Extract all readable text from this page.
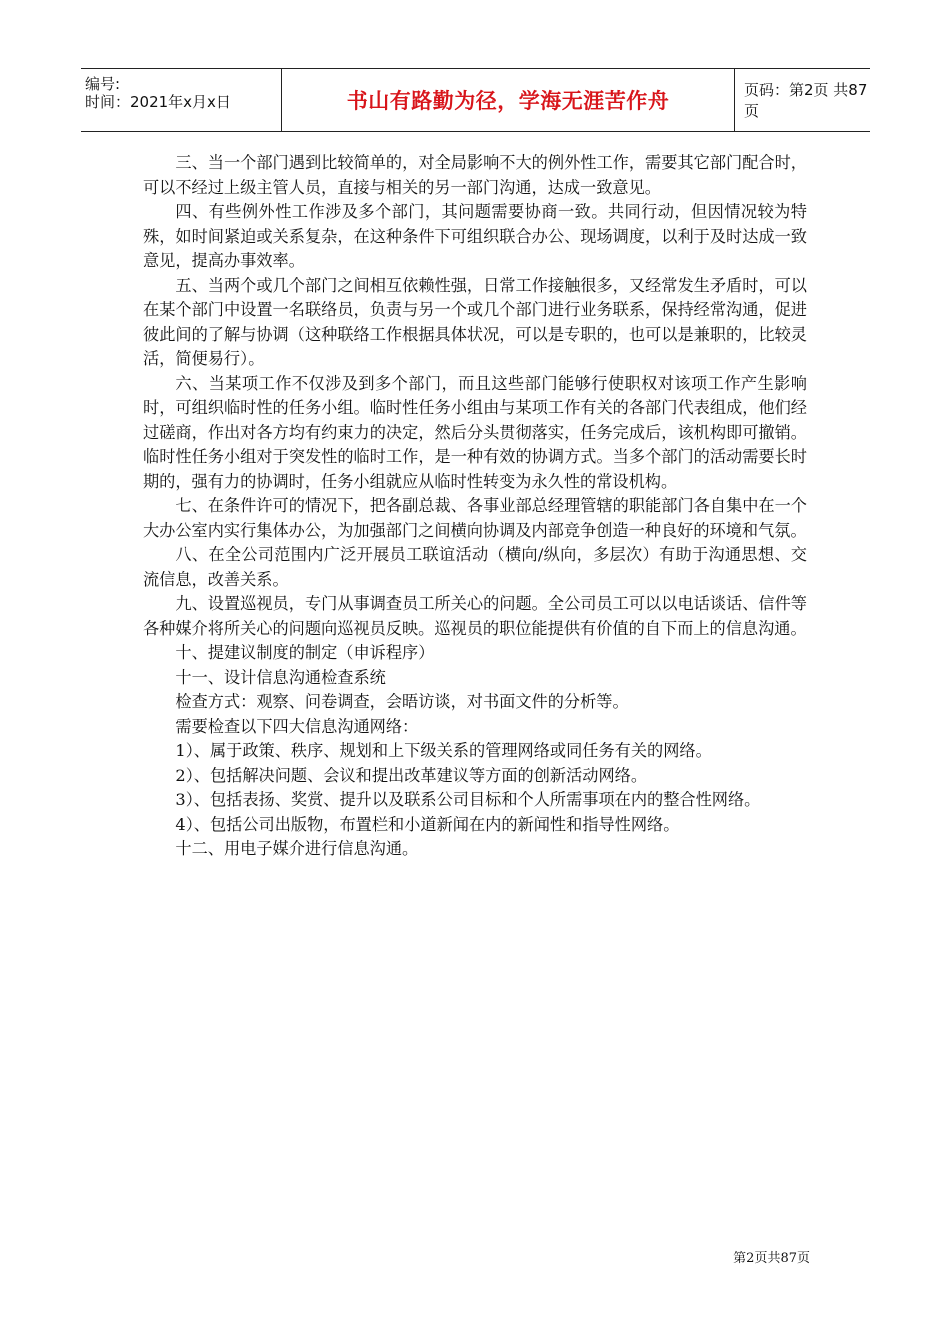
编号:
时间：2021年x月x日	书山有路勤为径，学海无涯苦作舟	页码：第2页 共87页

三、当一个部门遇到比较简单的，对全局影响不大的例外性工作，需要其它部门配合时，可以不经过上级主管人员，直接与相关的另一部门沟通，达成一致意见。

四、有些例外性工作涉及多个部门，其问题需要协商一致。共同行动，但因情况较为特殊，如时间紧迫或关系复杂，在这种条件下可组织联合办公、现场调度，以利于及时达成一致意见，提高办事效率。

五、当两个或几个部门之间相互依赖性强，日常工作接触很多，又经常发生矛盾时，可以在某个部门中设置一名联络员，负责与另一个或几个部门进行业务联系，保持经常沟通，促进彼此间的了解与协调（这种联络工作根据具体状况，可以是专职的，也可以是兼职的，比较灵活，简便易行）。

六、当某项工作不仅涉及到多个部门，而且这些部门能够行使职权对该项工作产生影响时，可组织临时性的任务小组。临时性任务小组由与某项工作有关的各部门代表组成，他们经过磋商，作出对各方均有约束力的决定，然后分头贯彻落实，任务完成后，该机构即可撤销。临时性任务小组对于突发性的临时工作，是一种有效的协调方式。当多个部门的活动需要长时期的，强有力的协调时，任务小组就应从临时性转变为永久性的常设机构。

七、在条件许可的情况下，把各副总裁、各事业部总经理管辖的职能部门各自集中在一个大办公室内实行集体办公，为加强部门之间横向协调及内部竞争创造一种良好的环境和气氛。

八、在全公司范围内广泛开展员工联谊活动（横向/纵向，多层次）有助于沟通思想、交流信息，改善关系。

九、设置巡视员，专门从事调查员工所关心的问题。全公司员工可以以电话谈话、信件等各种媒介将所关心的问题向巡视员反映。巡视员的职位能提供有价值的自下而上的信息沟通。

十、提建议制度的制定（申诉程序）

十一、设计信息沟通检查系统

检查方式：观察、问卷调查，会晤访谈，对书面文件的分析等。

需要检查以下四大信息沟通网络：

1）、属于政策、秩序、规划和上下级关系的管理网络或同任务有关的网络。

2）、包括解决问题、会议和提出改革建议等方面的创新活动网络。

3）、包括表扬、奖赏、提升以及联系公司目标和个人所需事项在内的整合性网络。

4）、包括公司出版物，布置栏和小道新闻在内的新闻性和指导性网络。

十二、用电子媒介进行信息沟通。

第2页共87页
